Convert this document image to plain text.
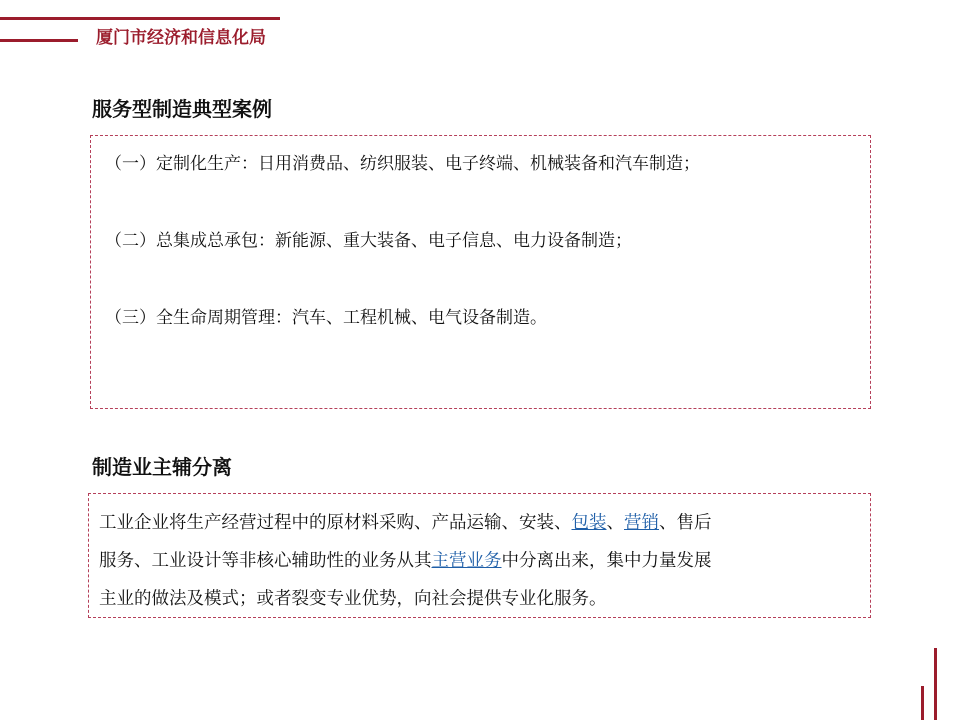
厦门市经济和信息化局
服务型制造典型案例
（一）定制化生产：日用消费品、纺织服装、电子终端、机械装备和汽车制造；
（二）总集成总承包：新能源、重大装备、电子信息、电力设备制造；
（三）全生命周期管理：汽车、工程机械、电气设备制造。
制造业主辅分离
工业企业将生产经营过程中的原材料采购、产品运输、安装、包装、营销、售后
服务、工业设计等非核心辅助性的业务从其主营业务中分离出来，集中力量发展
主业的做法及模式；或者裂变专业优势，向社会提供专业化服务。
